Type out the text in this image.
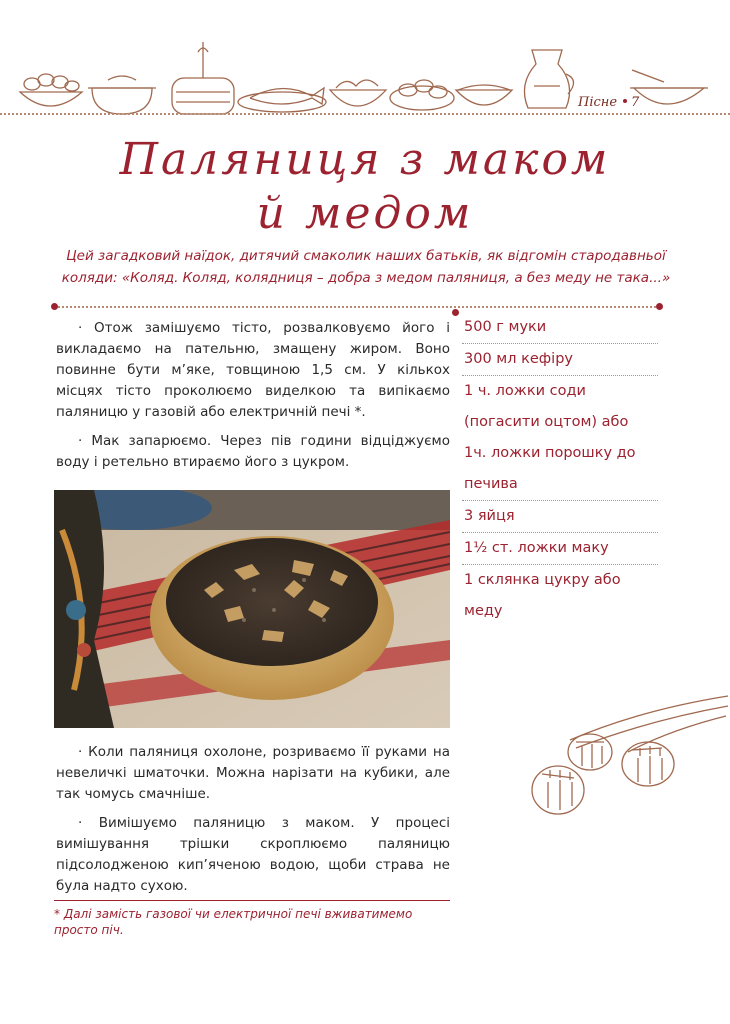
Пісне 7
Паляниця з маком
й медом
Цей загадковий наїдок, дитячий смаколик наших батьків, як відгомін стародавньої коляди: «Коляд. Коляд, колядниця – добра з медом паляниця, а без меду не така...»

· Отож замішуємо тісто, розвалковуємо його і викладаємо на пательню, змащену жиром. Воно повинне бути м’яке, товщиною 1,5 см. У кількох місцях тісто проколюємо виделкою та випікаємо паляницю у газовій або електричній печі *.

· Мак запарюємо. Через пів години відціджуємо воду і ретельно втираємо його з цукром.

· Коли паляниця охолоне, розриваємо її руками на невеличкі шматочки. Можна нарізати на кубики, але так чомусь смачніше.

· Вимішуємо паляницю з маком. У процесі вимішування трішки скроплюємо паляницю підсолодженою кип’яченою водою, щоби страва не була надто сухою.

500 г муки
300 мл кефіру
1 ч. ложки соди
(погасити оцтом) або
1ч. ложки порошку до
печива
3 яйця
1½ ст. ложки маку
1 склянка цукру або
меду
* Далі замість газової чи електричної печі вживатимемо просто піч.
